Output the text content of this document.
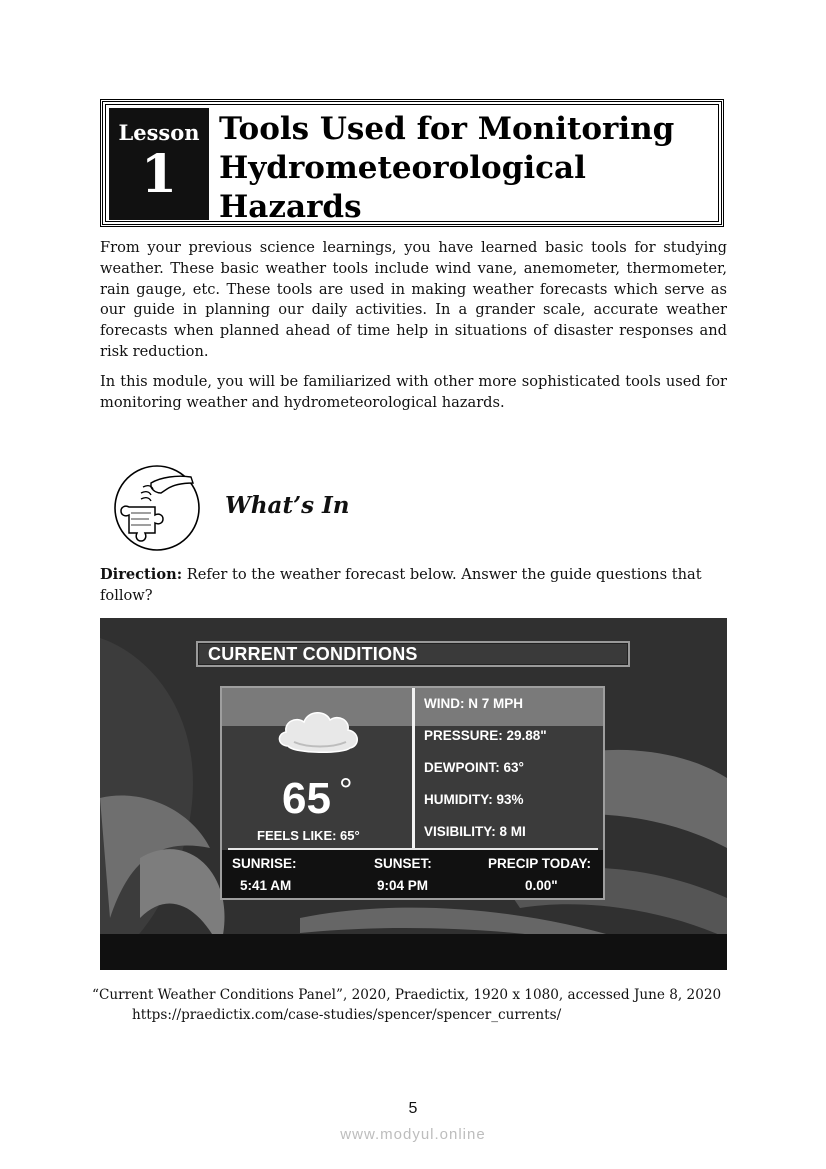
Lesson
1
Tools Used for Monitoring Hydrometeorological Hazards

From your previous science learnings, you have learned basic tools for studying weather. These basic weather tools include wind vane, anemometer, thermometer, rain gauge, etc. These tools are used in making weather forecasts which serve as our guide in planning our daily activities. In a grander scale, accurate weather forecasts when planned ahead of time help in situations of disaster responses and risk reduction.

In this module, you will be familiarized with other more sophisticated tools used for monitoring weather and hydrometeorological hazards.

What’s In

Direction: Refer to the weather forecast below. Answer the guide questions that follow?

CURRENT CONDITIONS
65 °
FEELS LIKE: 65°
WIND: N 7 MPH
PRESSURE: 29.88"
DEWPOINT: 63°
HUMIDITY: 93%
VISIBILITY: 8 MI
SUNRISE:
5:41 AM
SUNSET:
9:04 PM
PRECIP TODAY:
0.00"

“Current Weather Conditions Panel”, 2020, Praedictix, 1920 x 1080, accessed June 8, 2020
https://praedictix.com/case-studies/spencer/spencer_currents/

5
www.modyul.online
